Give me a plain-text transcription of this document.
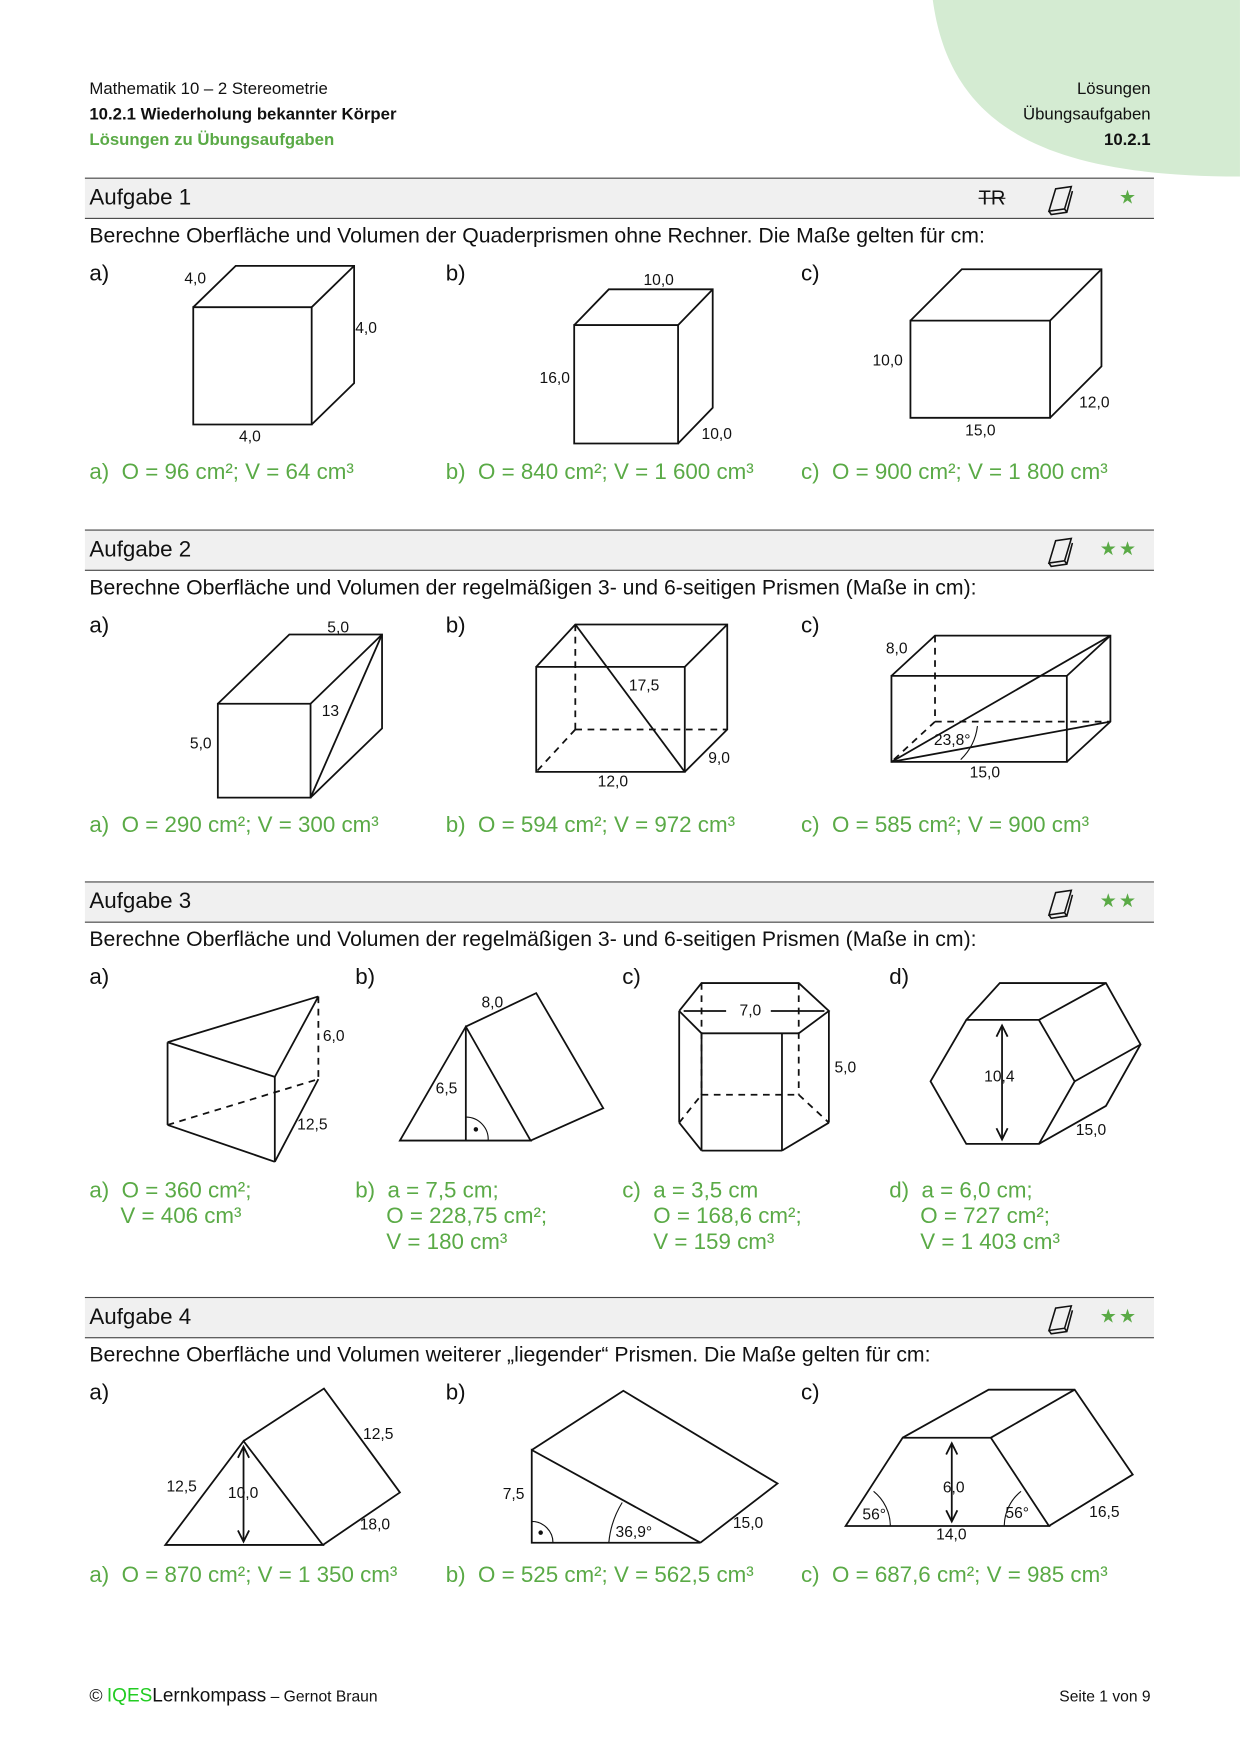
Mathematik 10 – 2 Stereometrie
10.2.1 Wiederholung bekannter Körper
Lösungen zu Übungsaufgaben
Lösungen
Übungsaufgaben
10.2.1
Aufgabe 1	TR	★
Aufgabe 2	★★
Aufgabe 3	★★
Aufgabe 4	★★
Berechne Oberfläche und Volumen der Quaderprismen ohne Rechner. Die Maße gelten für cm:
Berechne Oberfläche und Volumen der regelmäßigen 3- und 6-seitigen Prismen (Maße in cm):
Berechne Oberfläche und Volumen der regelmäßigen 3- und 6-seitigen Prismen (Maße in cm):
Berechne Oberfläche und Volumen weiterer „liegender“ Prismen. Die Maße gelten für cm:
a)	b)	c)
a)	b)	c)
a)	b)	c)	d)
a)	b)	c)
4,0
4,0
4,0
10,0
16,0
10,0
10,0
12,0
15,0
5,0
13
5,0
17,5
9,0
12,0
8,0
23,8°
15,0
6,0
12,5
8,0
6,5
7,0
5,0
10,4
15,0
12,5
12,5 10,0
18,0
7,5
36,9°
15,0
56°
6,0
56°
14,0
16,5
a)  O = 96 cm²; V = 64 cm³	b)  O = 840 cm²; V = 1 600 cm³ c)  O = 900 cm²; V = 1 800 cm³
a)  O = 290 cm²; V = 300 cm³	b)  O = 594 cm²; V = 972 cm³	c)  O = 585 cm²; V = 900 cm³
a)  O = 360 cm²;
V = 406 cm³
b)  a = 7,5 cm;
O = 228,75 cm²;
V = 180 cm³
c)  a = 3,5 cm
O = 168,6 cm²;
V = 159 cm³
d)  a = 6,0 cm;
O = 727 cm²;
V = 1 403 cm³
a)  O = 870 cm²; V = 1 350 cm³ b)  O = 525 cm²; V = 562,5 cm³ c)  O = 687,6 cm²; V = 985 cm³
© IQESLernkompass – Gernot Braun	Seite 1 von 9
